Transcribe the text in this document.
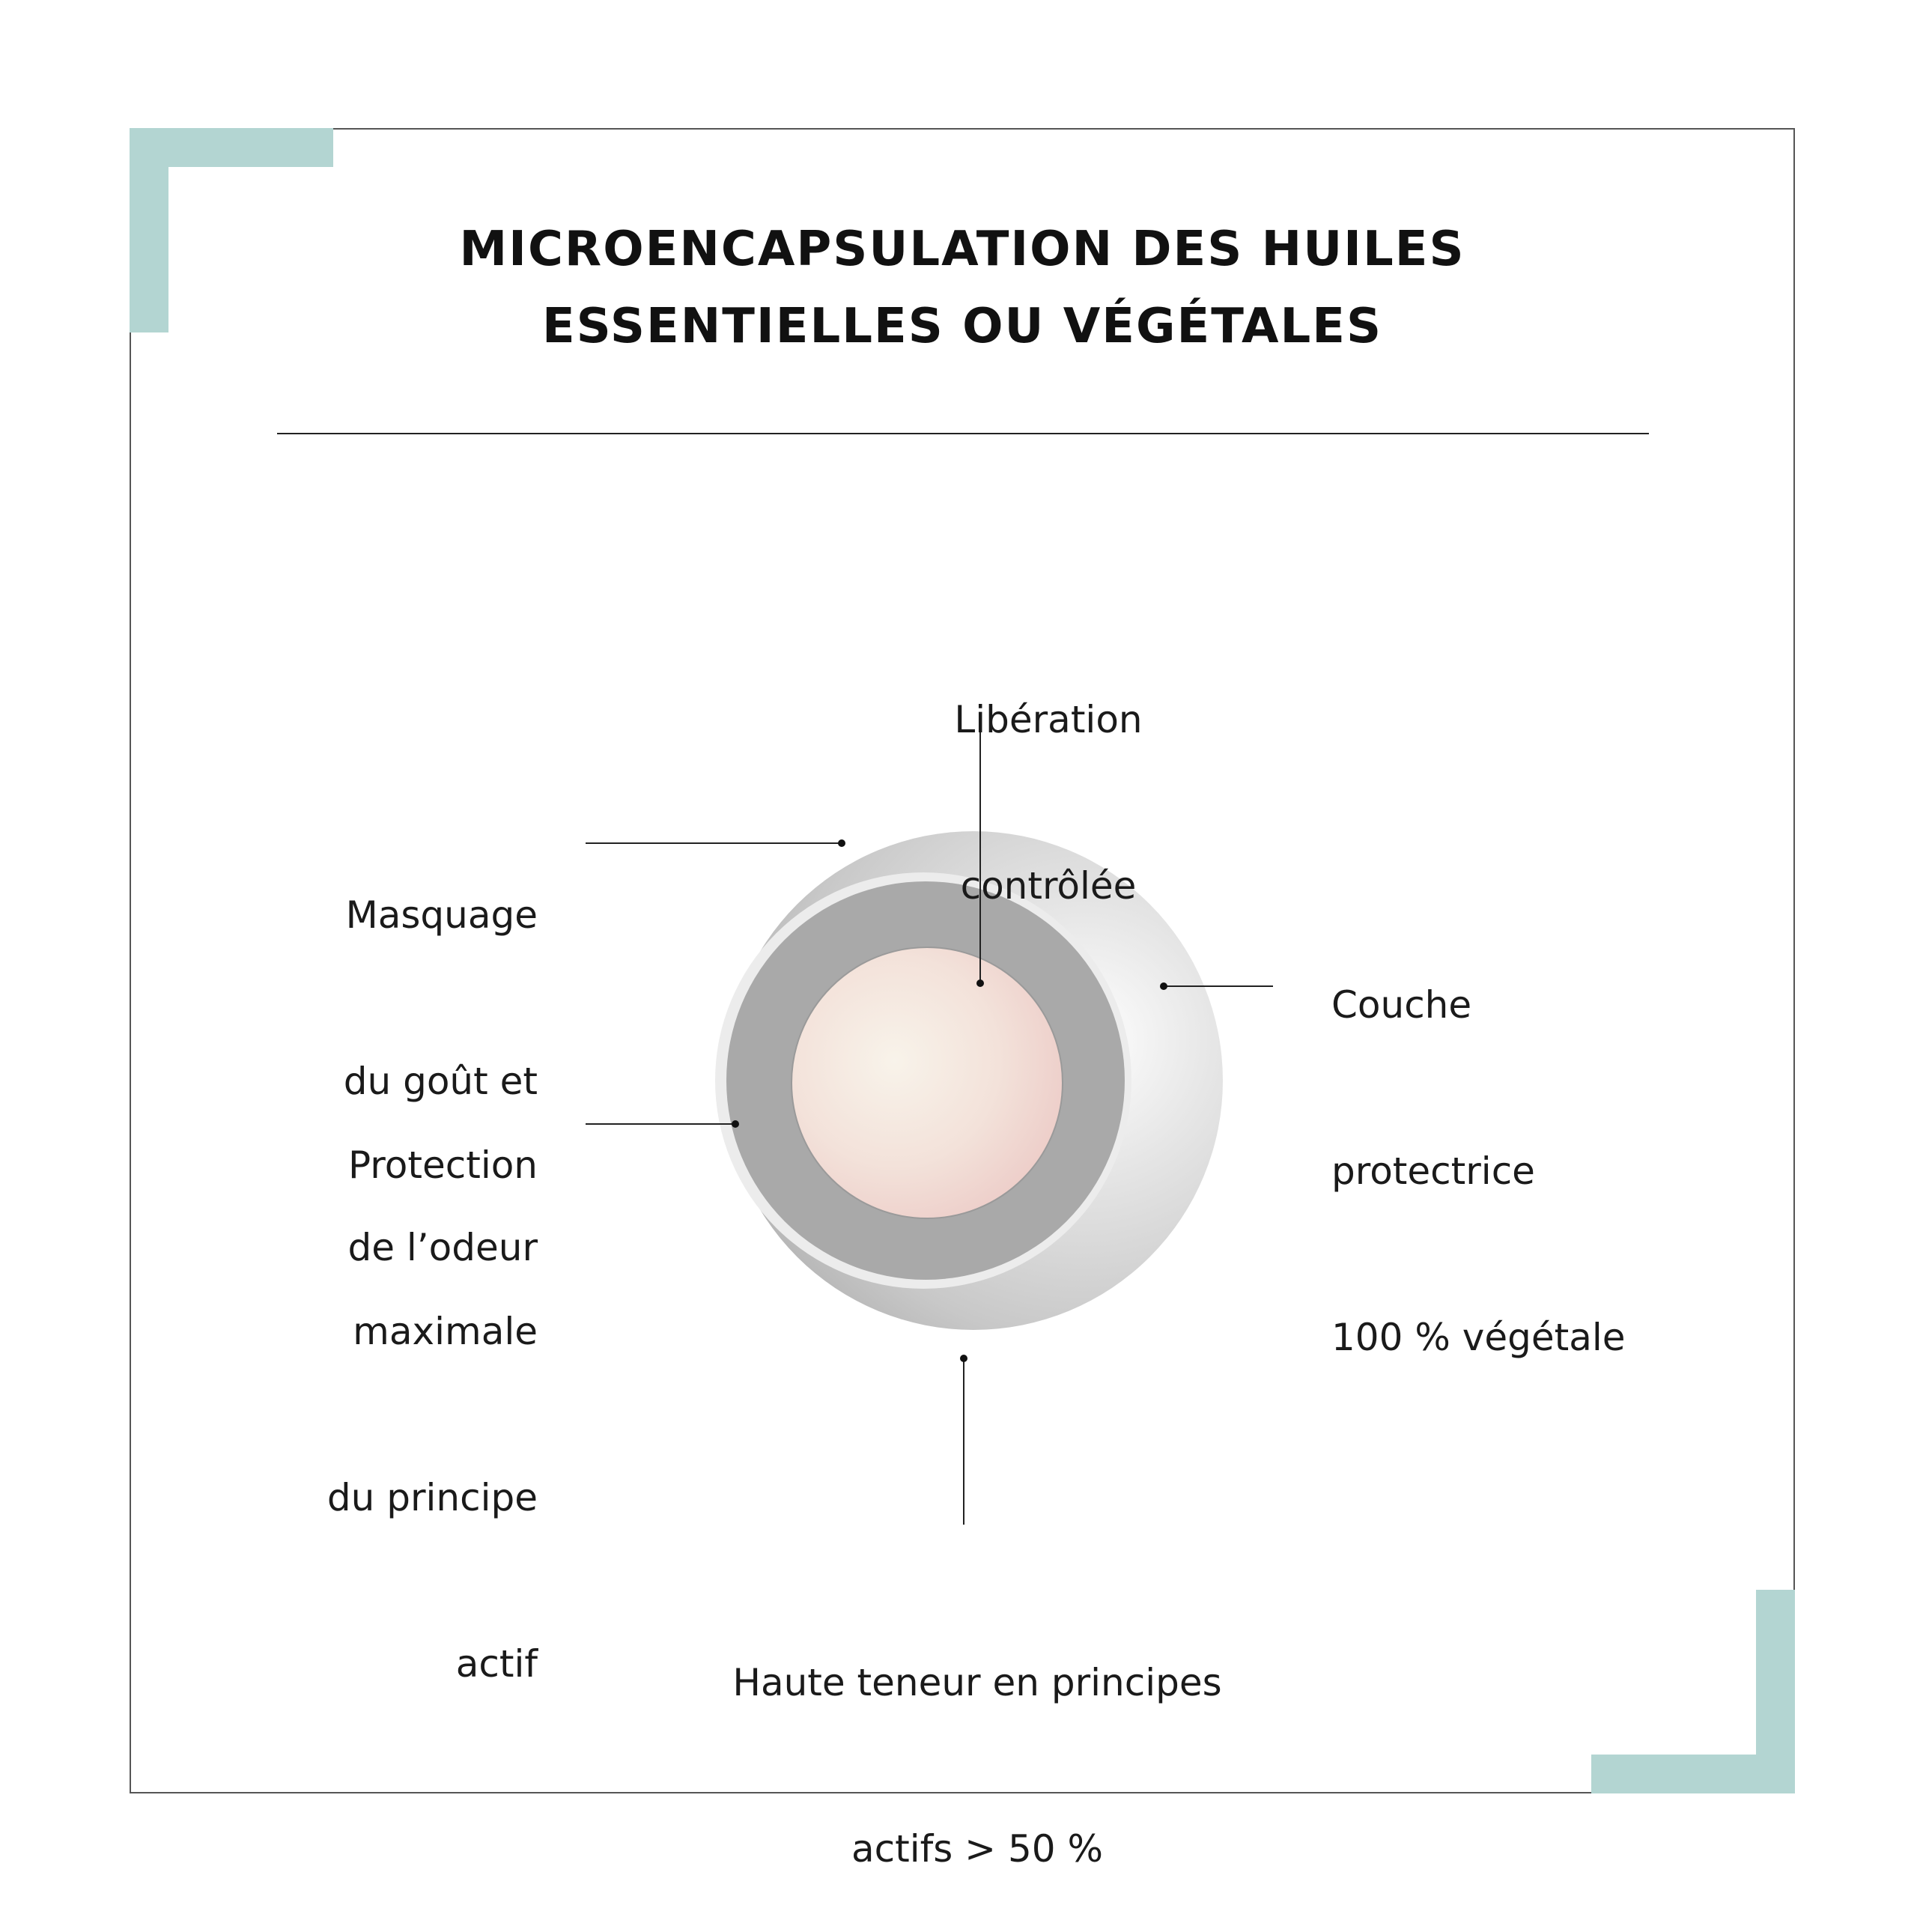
MICROENCAPSULATION DES HUILES
ESSENTIELLES OU VÉGÉTALES

Libération

contrôlée

Masquage

du goût et

de l’odeur

Protection

maximale

du principe

actif

Couche

protectrice

100 % végétale

Haute teneur en principes

actifs > 50 %
